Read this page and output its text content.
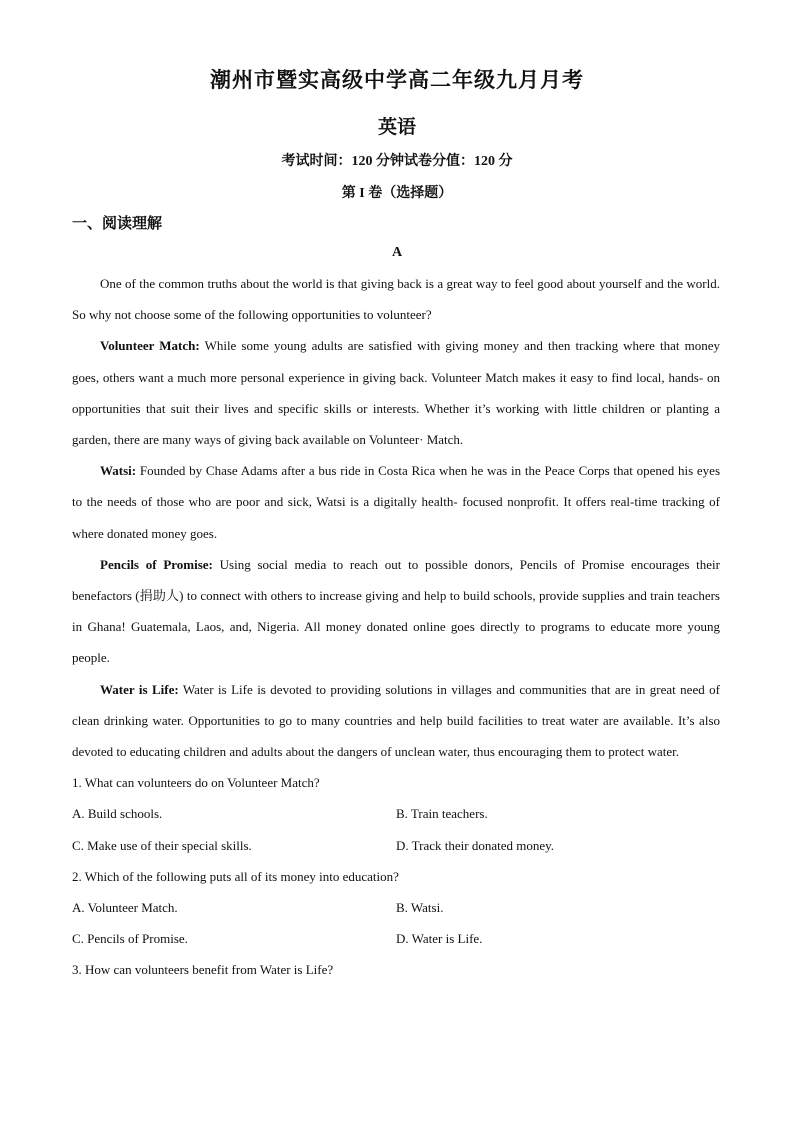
潮州市暨实高级中学高二年级九月月考
英语
考试时间：120 分钟试卷分值：120 分
第 I 卷（选择题）
一、阅读理解
A

One of the common truths about the world is that giving back is a great way to feel good about yourself and the world. So why not choose some of the following opportunities to volunteer?

Volunteer Match: While some young adults are satisfied with giving money and then tracking where that money goes, others want a much more personal experience in giving back. Volunteer Match makes it easy to find local, hands- on opportunities that suit their lives and specific skills or interests. Whether it’s working with little children or planting a garden, there are many ways of giving back available on Volunteer· Match.

Watsi: Founded by Chase Adams after a bus ride in Costa Rica when he was in the Peace Corps that opened his eyes to the needs of those who are poor and sick, Watsi is a digitally health- focused nonprofit. It offers real-time tracking of where donated money goes.

Pencils of Promise: Using social media to reach out to possible donors, Pencils of Promise encourages their benefactors (捐助人) to connect with others to increase giving and help to build schools, provide supplies and train teachers in Ghana! Guatemala, Laos, and, Nigeria. All money donated online goes directly to programs to educate more young people.

Water is Life: Water is Life is devoted to providing solutions in villages and communities that are in great need of clean drinking water. Opportunities to go to many countries and help build facilities to treat water are available. It’s also devoted to educating children and adults about the dangers of unclean water, thus encouraging them to protect water.

1. What can volunteers do on Volunteer Match?

A. Build schools.	B. Train teachers.
C. Make use of their special skills.	D. Track their donated money.

2. Which of the following puts all of its money into education?

A. Volunteer Match.	B. Watsi.
C. Pencils of Promise.	D. Water is Life.

3. How can volunteers benefit from Water is Life?
